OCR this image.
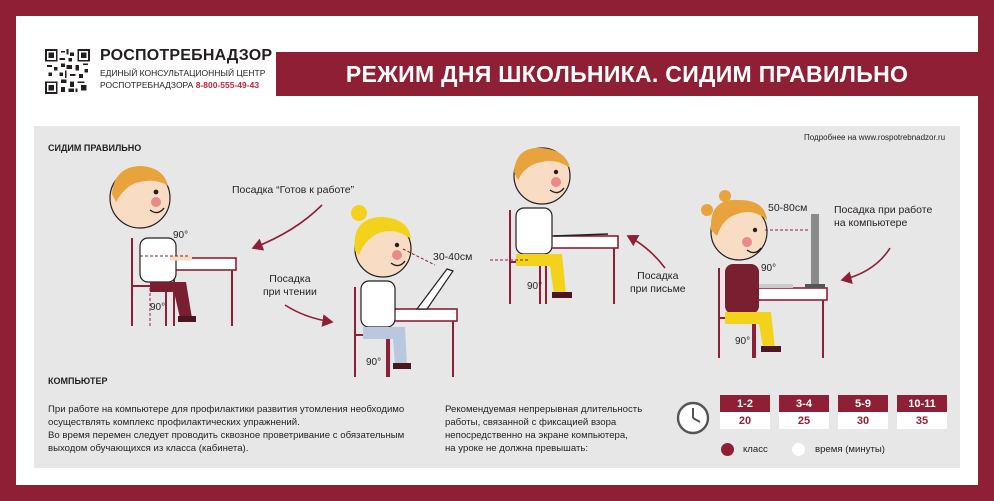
РОСПОТРЕБНАДЗОР
ЕДИНЫЙ КОНСУЛЬТАЦИОННЫЙ ЦЕНТР
РОСПОТРЕБНАДЗОРА 8-800-555-49-43	РЕЖИМ ДНЯ ШКОЛЬНИКА. СИДИМ ПРАВИЛЬНО
СИДИМ ПРАВИЛЬНО
Подробнее на www.rospotrebnadzor.ru
Посадка “Готов к работе”
Посадка
при чтении
Посадка
при письме
Посадка при работе
на компьютере
30-40см
50-80см
90°
90°
90°
90°
90°
90°
КОМПЬЮТЕР
При работе на компьютере для профилактики развития утомления необходимо осуществлять комплекс профилактических упражнений.
Во время перемен следует проводить сквозное проветривание с обязательным выходом обучающихся из класса (кабинета).
Рекомендуемая непрерывная длительность
работы, связанной с фиксацией взора
непосредственно на экране компьютера,
на уроке не должна превышать:
1-2
20
3-4
25
5-9
30
10-11
35
класс	время (минуты)
